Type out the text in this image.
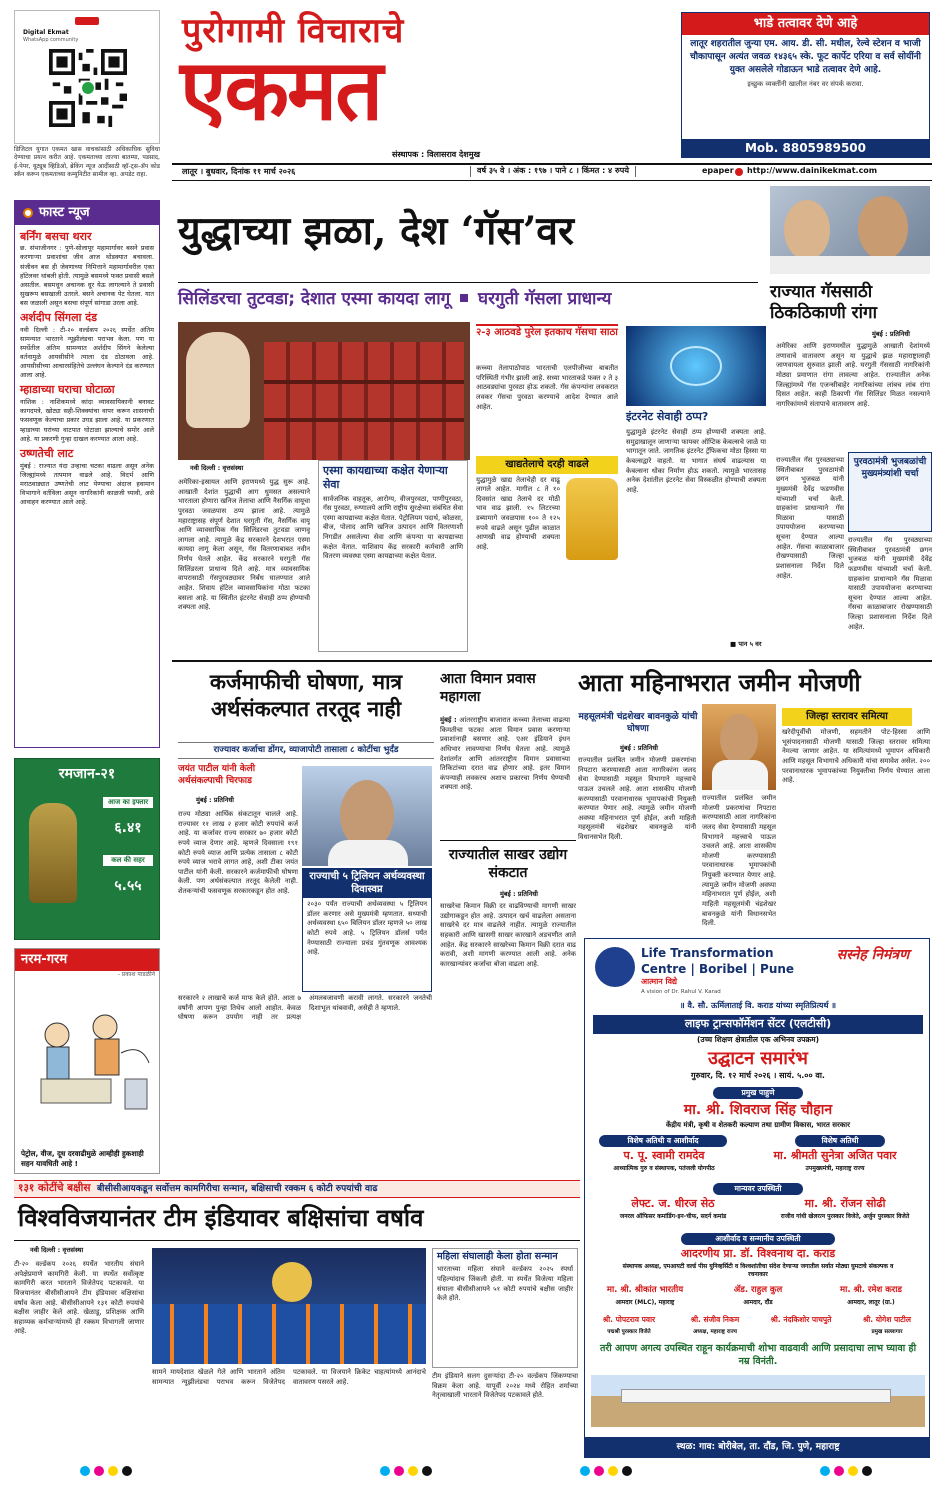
Digital Ekmat
WhatsApp community
डिजिटल युगात एकमत खास वाचकांसाठी अधिकाधिक सुविधा देण्याचा प्रयत्न करीत आहे. एकमताच्या ताज्या बातम्या, पडसाद, ई-पेपर, यूट्यूब व्हिडिओ, ब्रेकिंग न्यूज आदींसाठी व्हॉ-ट्स-ॲप कोड स्कॅन करून एकमताच्या कम्युनिटीत सामील व्हा. अपडेट राहा.
पुरोगामी विचाराचे
एकमत
संस्थापक : विलासराव देशमुख
भाडे तत्वावर देणे आहे
लातूर शहरातील जुन्या एम. आय. डी. सी. मधील, रेल्वे स्टेशन व भाजी चौकापासून अत्यंत जवळ १४३६५ स्के. फूट कार्पेट एरिया व सर्व सोयींनी युक्त असलेले गोडाऊन भाडे तत्वावर देणे आहे.
इच्छुक व्यक्तींनी खालील नंबर वर संपर्क करावा.
Mob. 8805989500
लातूर । बुधवार, दिनांक ११ मार्च २०२६	वर्ष ३५ वे । अंक : १९७ । पाने ८ । किंमत : ४ रुपये	epaper http://www.dainikekmat.com
फास्ट न्यूज
बर्निंग बसचा थरार
छ. संभाजीनगर : पुणे-सोलापूर महामार्गावर बसने प्रवास करणाऱ्या प्रवाशांचा जीव आज थोडक्यात बचावला. संजीवन बस ही जेवणाच्या निमित्ताने महामार्गावरील एका हॉटेलवर थांबली होती. त्यामुळे बसमध्ये फक्त प्रवासी बसले असतील. बसमधून अचानक धूर येऊ लागल्याने ते प्रवासी सुखरूप बसखाली उतरले. बसने अचानक पेट घेतला. यात बस जळाली असून बसचा संपूर्ण सांगाडा उरला आहे.
अर्शदीप सिंगला दंड
नवी दिल्ली : टी-२० वर्ल्डकप २०२६ स्पर्धेत अंतिम सामन्यात भारताने न्यूझीलंडचा पराभव केला. पण या स्पर्धेतील अंतिम सामन्यात अर्शदीप सिंगने केलेल्या वर्तनामुळे आयसीसीने त्याला दंड ठोठावला आहे. आयसीसीच्या आचारसंहितेचे उल्लंघन केल्याने दंड करण्यात आला आहे.
म्हाडाच्या घराचा घोटाळा
नाशिक : नाशिकमध्ये कांदा व्यावसायिकानी बनावट कागदपत्रे, खोट्या सही-शिक्क्यांचा वापर करून शासनाची फसवणूक केल्याचा प्रकार उघड झाला आहे. या प्रकरणात म्हाडाच्या घरांच्या वाटपात घोटाळा झाल्याचे समोर आले आहे. या प्रकरणी गुन्हा दाखल करण्यात आला आहे.
उष्णतेची लाट
मुंबई : राज्यात यंदा उन्हाचा चटका वाढला असून अनेक जिल्ह्यांमध्ये तापमान वाढले आहे. विदर्भ आणि मराठवाड्यात उष्णतेची लाट येण्याचा अंदाज हवामान विभागाने वर्तविला असून नागरिकांनी काळजी घ्यावी, असे आवाहन करण्यात आले आहे.
रमजान-२१
आज का इफ्तार
६.४१
कल की सहर
५.५५
नरम-गरम
- प्रकाश पाडळीने
पेट्रोल, वीज, दूध दरवाढीमुळे आम्हीही हुकशाही सहन यावधिती आहे !
युद्धाच्या झळा, देश ‘गॅस’वर
सिलिंडरचा तुटवडा; देशात एस्मा कायदा लागू घरगुती गॅसला प्राधान्य
नवी दिल्ली : वृत्तसंस्था
अमेरिका-इस्रायल आणि इराणमध्ये युद्ध सुरू आहे. आखाती देशांत युद्धाची आग धुमसत असल्याने भारताला होणारा खनिज तेलाचा आणि नैसर्गिक वायूचा पुरवठा जवळपास ठप्प झाला आहे. त्यामुळे महाराष्ट्रासह संपूर्ण देशात घरगुती गॅस, नैसर्गिक वायू आणि व्यावसायिक गॅस सिलिंडरचा तुटवडा जाणवू लागला आहे. त्यामुळे केंद्र सरकारने देशभरात एस्मा कायदा लागू केला असून, गॅस वितरणाबाबत नवीन निर्णय घेतले आहेत. केंद्र सरकारने घरगुती गॅस सिलिंडरला प्राधान्य दिले आहे. मात्र व्यावसायिक वापरासाठी गॅसपुरवठ्यावर निर्बंध घालण्यात आले आहेत. शिवाय हॉटेल व्यावसायिकांना मोठा फटका बसला आहे. या स्थितीत इंटरनेट सेवाही ठप्प होण्याची शक्यता आहे.
एस्मा कायद्याच्या कक्षेत येणाऱ्या सेवा
सार्वजनिक वाहतूक, आरोग्य, वीजपुरवठा, पाणीपुरवठा, गॅस पुरवठा, रुग्णालये आणि राष्ट्रीय सुरक्षेच्या संबंधित सेवा एस्मा कायद्याच्या कक्षेत येतात. पेट्रोलियम पदार्थ, कोळसा, बीज, पोलाद आणि खनिज उत्पादन आणि वितरणाशी निगडीत असलेल्या सेवा आणि कंपन्या या कायद्याच्या कक्षेत येतात. याशिवाय केंद्र सरकारी कर्मचारी आणि वितरण व्यवस्था एस्मा कायद्याच्या कक्षेत येतात.
२-३ आठवडे पुरेल इतकाच गॅसचा साठा
कच्च्या तेलापाठोपाठ भारताची एलपीजीच्या बाबतीत परिस्थिती गंभीर झाली आहे. सध्या भारताकडे फक्त २ ते ३ आठवड्यांचा पुरवठा होऊ शकतो. गॅस कंपन्यांना लवकरात लवकर गॅसचा पुरवठा करण्याचे आदेश देण्यात आले आहेत.
खाद्यतेलाचे दरही वाढले
युद्धामुळे खाद्य तेलाचेही दर वाढू लागले आहेत. मागील ८ ते १० दिवसांत खाद्य तेलाचे दर मोठी भाव वाढ झाली. १५ लिटरच्या डब्यामागे जवळपास १०० ते १२५ रुपये वाढले असून पुढील काळात आणखी वाढ होण्याची शक्यता आहे.
इंटरनेट सेवाही ठप्प?
युद्धामुळे इंटरनेट सेवाही ठप्प होण्याची शक्यता आहे. समुद्राखालून जाणाऱ्या फायबर ऑप्टिक केबल्सचे जाळे या भागातून जाते. जागतिक इंटरनेट ट्रॅफिकचा मोठा हिस्सा या केबल्सद्वारे वाहतो. या भागात संघर्ष वाढल्यास या केबल्सना धोका निर्माण होऊ शकतो. त्यामुळे भारतासह अनेक देशांतील इंटरनेट सेवा विस्कळीत होण्याची शक्यता आहे.
■ पान ५ वर
राज्यात गॅससाठी ठिकठिकाणी रांगा
मुंबई : प्रतिनिधी
अमेरिका आणि इराणमधील युद्धामुळे आखाती देशांमध्ये तणावाचे वातावरण असून या युद्धाचे झळ महाराष्ट्रालाही जाणवायला सुरुवात झाली आहे. घरगुती गॅससाठी नागरिकांनी मोठ्या प्रमाणात रांगा लावल्या आहेत. राज्यातील अनेक जिल्ह्यांमध्ये गॅस एजन्सीबाहेर नागरिकांच्या लांबच लांब रांगा दिसत आहेत. काही ठिकाणी गॅस सिलिंडर मिळत नसल्याने नागरिकांमध्ये संतापाचे वातावरण आहे.
पुरवठामंत्री भुजबळांची मुख्यमंत्र्यांशी चर्चा
राज्यातील गॅस पुरवठ्याच्या स्थितीबाबत पुरवठामंत्री छगन भुजबळ यांनी मुख्यमंत्री देवेंद्र फडणवीस यांच्याशी चर्चा केली. ग्राहकांना प्राधान्याने गॅस मिळावा यासाठी उपाययोजना करण्याच्या सूचना देण्यात आल्या आहेत. गॅसचा काळाबाजार रोखण्यासाठी जिल्हा प्रशासनाला निर्देश दिले आहेत.
राज्यातील गॅस पुरवठ्याच्या स्थितीबाबत पुरवठामंत्री छगन भुजबळ यांनी मुख्यमंत्री देवेंद्र फडणवीस यांच्याशी चर्चा केली. ग्राहकांना प्राधान्याने गॅस मिळावा यासाठी उपाययोजना करण्याच्या सूचना देण्यात आल्या आहेत. गॅसचा काळाबाजार रोखण्यासाठी जिल्हा प्रशासनाला निर्देश दिले आहेत.
कर्जमाफीची घोषणा, मात्र अर्थसंकल्पात तरतूद नाही
राज्यावर कर्जाचा डोंगर, व्याजापोटी तासाला ८ कोटींचा भुर्दंड
जयंत पाटील यांनी केली अर्थसंकल्पाची चिरफाड
मुंबई : प्रतिनिधी
राज्य मोठ्या आर्थिक संकटातून चालले आहे. राज्यावर ११ लाख २ हजार कोटी रुपयांचे कर्ज आहे. या कर्जावर राज्य सरकार ७० हजार कोटी रुपये व्याज देणार आहे. म्हणजे दिवसाला १९१ कोटी रुपये व्याज आणि प्रत्येक तासाला ८ कोटी रुपये व्याज भरावे लागत आहे, अशी टीका जयंत पाटील यांनी केली. सरकारने कर्जमाफीची घोषणा केली. पण अर्थसंकल्पात तरतूद केलेली नाही. शेतकऱ्यांची फसवणूक सरकारकडून होत आहे.
राज्याची ५ ट्रिलियन अर्थव्यवस्था दिवास्वप्न
२०३० पर्यंत राज्याची अर्थव्यवस्था ५ ट्रिलियन डॉलर करणार असे मुख्यमंत्री म्हणतात. सध्याची अर्थव्यवस्था ६५० बिलियन डॉलर म्हणजे ५० लाख कोटी रुपये आहे. ५ ट्रिलियन डॉलर्स पर्यंत नेण्यासाठी राज्याला प्रचंड गुंतवणूक आवश्यक आहे.
सरकारने २ लाखाचे कर्ज माफ केले होते. आता ७ वर्षांनी आपण पुन्हा तिथेच आलो आहोत. केवळ घोषणा करून उपयोग नाही तर प्रत्यक्ष अंमलबजावणी करावी लागते. सरकारने जनतेची दिशाभूल थांबवावी, असेही ते म्हणाले.
आता विमान प्रवास महागला
मुंबई : आंतरराष्ट्रीय बाजारात कच्च्या तेलाच्या वाढत्या किमतीचा फटका आता विमान प्रवास करणाऱ्या प्रवाशांनाही बसणार आहे. एअर इंडियाने इंधन अधिभार लावण्याचा निर्णय घेतला आहे. त्यामुळे देशांतर्गत आणि आंतरराष्ट्रीय विमान प्रवासाच्या तिकिटांच्या दरात वाढ होणार आहे. इतर विमान कंपन्याही लवकरच अशाच प्रकारचा निर्णय घेण्याची शक्यता आहे.
आता महिनाभरात जमीन मोजणी
महसूलमंत्री चंद्रशेखर बावनकुळे यांची घोषणा
मुंबई : प्रतिनिधी
राज्यातील प्रलंबित जमीन मोजणी प्रकरणांचा निपटारा करण्यासाठी आता नागरिकांना जलद सेवा देण्यासाठी महसूल विभागाने महत्त्वाचे पाऊल उचलले आहे. आता शासकीय मोजणी करण्यासाठी परवानाधारक भूमापकांची नियुक्ती करण्यात येणार आहे. त्यामुळे जमीन मोजणी अवघ्या महिनाभरात पूर्ण होईल, अशी माहिती महसूलमंत्री चंद्रशेखर बावनकुळे यांनी विधानसभेत दिली.
राज्यातील प्रलंबित जमीन मोजणी प्रकरणांचा निपटारा करण्यासाठी आता नागरिकांना जलद सेवा देण्यासाठी महसूल विभागाने महत्त्वाचे पाऊल उचलले आहे. आता शासकीय मोजणी करण्यासाठी परवानाधारक भूमापकांची नियुक्ती करण्यात येणार आहे. त्यामुळे जमीन मोजणी अवघ्या महिनाभरात पूर्ण होईल, अशी माहिती महसूलमंत्री चंद्रशेखर बावनकुळे यांनी विधानसभेत दिली.
जिल्हा स्तरावर समित्या
खरेदीपूर्वीची मोजणी, सहमतीने पोट-हिस्सा आणि भूसंपादनासाठी मोजणी यासाठी जिल्हा स्तरावर समित्या नेमल्या जाणार आहेत. या समित्यांमध्ये भूमापन अधिकारी आणि महसूल विभागाचे अधिकारी यांचा समावेश असेल. २०० परवानाधारक भूमापकांच्या नियुक्तीचा निर्णय घेण्यात आला आहे.
राज्यातील साखर उद्योग संकटात
मुंबई : प्रतिनिधी
साखरेचा किमान विक्री दर वाढविण्याची मागणी साखर उद्योगाकडून होत आहे. उत्पादन खर्च वाढलेला असताना साखरेचे दर मात्र वाढलेले नाहीत. त्यामुळे राज्यातील सहकारी आणि खासगी साखर कारखाने अडचणीत आले आहेत. केंद्र सरकारने साखरेच्या किमान विक्री दरात वाढ करावी, अशी मागणी करण्यात आली आहे. अनेक कारखान्यांवर कर्जाचा बोजा वाढला आहे.
Life Transformation
Centre | Boribel | Pune
आत्मान विद्ये
A vision of Dr. Rahul V. Karad
सस्नेह निमंत्रण
॥ वै. सौ. ऊर्मिलाताई वि. कराड यांच्या स्मृतिप्रित्यर्थ ॥
लाइफ ट्रान्सफॉर्मेशन सेंटर (एलटीसी)
(उच्च शिक्षण क्षेत्रातील एक अभिनव उपक्रम)
उद्घाटन समारंभ
गुरुवार, दि. १२ मार्च २०२६ । सायं. ५.०० वा.
प्रमुख पाहुणे
मा. श्री. शिवराज सिंह चौहान
केंद्रीय मंत्री, कृषी व शेतकरी कल्याण तथा ग्रामीण विकास, भारत सरकार
विशेष अतिथी व आशीर्वाद
प. पू. स्वामी रामदेव
आध्यात्मिक गुरु व संस्थापक, पतंजली योगपीठ
विशेष अतिथी
मा. श्रीमती सुनेत्रा अजित पवार
उपमुख्यमंत्री, महाराष्ट्र राज्य
मान्यवर उपस्थिती
लेफ्ट. ज. धीरज सेठ
जनरल ऑफिसर कमांडिंग-इन-चीफ, सदर्न कमांड
मा. श्री. रोंजन सोढी
राजीव गांधी खेलरत्न पुरस्कार विजेते, अर्जुन पुरस्कार विजेते
आशीर्वाद व सन्मानीय उपस्थिती
आदरणीय प्रा. डॉ. विश्वनाथ दा. कराड
संस्थापक अध्यक्ष, एमआयटी वर्ल्ड पीस युनिव्हर्सिटी व विश्वशांतीचा संदेश देणाऱ्या जगातील सर्वात मोठ्या घुमटाचे संकल्पक व रचनाकार
मा. श्री. श्रीकांत भारतीय
आमदार (MLC), महाराष्ट्र
ॲड. राहुल कुल
आमदार, दौंड
मा. श्री. रमेश कराड
आमदार, लातूर (ग्रा.)
श्री. पोपटराव पवार
पद्मश्री पुरस्कार विजेते
श्री. संजीव निकम
अध्यक्ष, महाराष्ट्र राज्य
श्री. नंदकिशोर पाचपुते	श्री. योगेश पाटील
प्रमुख सल्लागार
तरी आपण अगत्य उपस्थित राहून कार्यक्रमाची शोभा वाढवावी आणि प्रसादाचा लाभ घ्यावा ही नम्र विनंती.
स्थळ: गाव: बोरीबेल, ता. दौंड, जि. पुणे, महाराष्ट्र
१३१ कोटींचे बक्षीस बीसीसीआयकडून सर्वोत्तम कामगिरीचा सन्मान, बक्षिसाची रक्कम ६ कोटी रुपयांची वाढ
विश्वविजयानंतर टीम इंडियावर बक्षिसांचा वर्षाव
नवी दिल्ली : वृत्तसंस्था
टी-२० वर्ल्डकप २०२६ स्पर्धेत भारतीय संघाने अपेक्षेप्रमाणे कामगिरी केली. या स्पर्धेत सर्वोत्कृष्ट कामगिरी करत भारताने विजेतेपद पटकावले. या विजयानंतर बीसीसीआयने टीम इंडियावर बक्षिसांचा वर्षाव केला आहे. बीसीसीआयने १३१ कोटी रुपयांचे बक्षीस जाहीर केले आहे. खेळाडू, प्रशिक्षक आणि सहाय्यक कर्मचाऱ्यांमध्ये ही रक्कम विभागली जाणार आहे.
सामने मायदेशात खेळले गेले आणि भारताने अंतिम सामन्यात न्यूझीलंडचा पराभव करून विजेतेपद पटकावले. या विजयाने क्रिकेट चाहत्यांमध्ये आनंदाचे वातावरण पसरले आहे.
महिला संघालाही केला होता सन्मान
भारताच्या महिला संघाने वर्ल्डकप २०२५ स्पर्धा पहिल्यांदाच जिंकली होती. या स्पर्धेत विजेत्या महिला संघाला बीसीसीआयने ५१ कोटी रुपयांचे बक्षीस जाहीर केले होते.
टीम इंडियाने सलग दुसऱ्यांदा टी-२० वर्ल्डकप जिंकण्याचा विक्रम केला आहे. यापूर्वी २०२४ मध्ये रोहित शर्माच्या नेतृत्वाखाली भारताने विजेतेपद पटकावले होते.
